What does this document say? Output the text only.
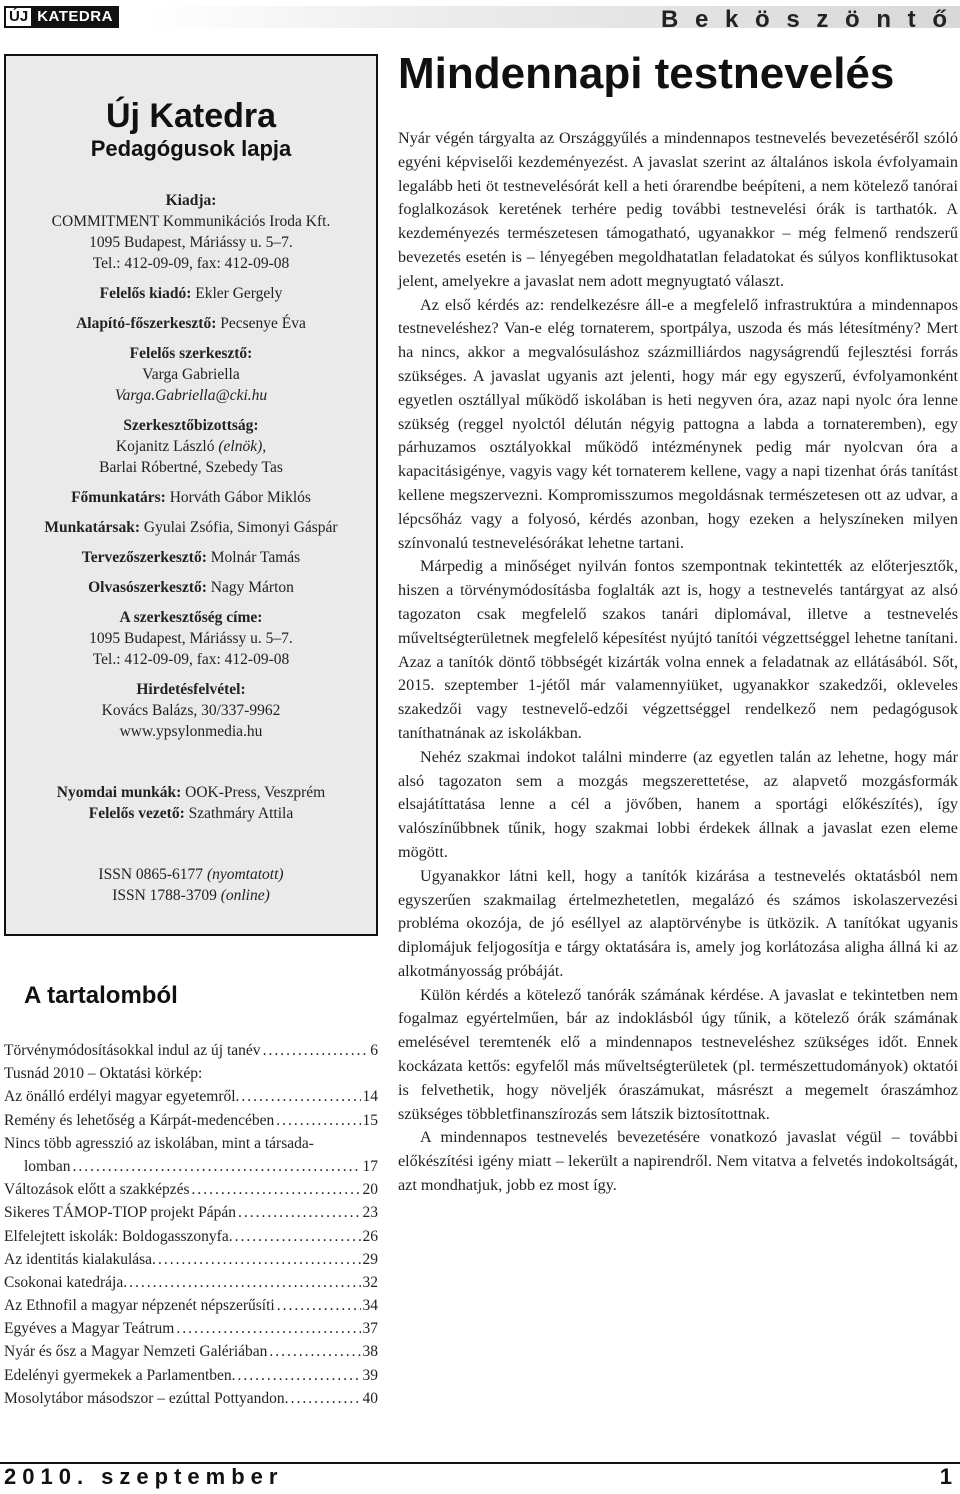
ÚJ KATEDRA	B e k ö s z ö n t ő
Új Katedra
Pedagógusok lapja
Kiadja:
COMMITMENT Kommunikációs Iroda Kft.
1095 Budapest, Máriássy u. 5–7.
Tel.: 412-09-09, fax: 412-09-08
Felelős kiadó: Ekler Gergely
Alapító-főszerkesztő: Pecsenye Éva
Felelős szerkesztő:
Varga Gabriella
Varga.Gabriella@cki.hu
Szerkesztőbizottság:
Kojanitz László (elnök),
Barlai Róbertné, Szebedy Tas
Főmunkatárs: Horváth Gábor Miklós
Munkatársak: Gyulai Zsófia, Simonyi Gáspár
Tervezőszerkesztő: Molnár Tamás
Olvasószerkesztő: Nagy Márton
A szerkesztőség címe:
1095 Budapest, Máriássy u. 5–7.
Tel.: 412-09-09, fax: 412-09-08
Hirdetésfelvétel:
Kovács Balázs, 30/337-9962
www.ypsylonmedia.hu
Nyomdai munkák: OOK-Press, Veszprém
Felelős vezető: Szathmáry Attila
ISSN 0865-6177 (nyomtatott)
ISSN 1788-3709 (online)
A tartalomból
Törvénymódosításokkal indul az új tanév .....	6
Tusnád 2010 – Oktatási körkép:
Az önálló erdélyi magyar egyetemről. .....	14
Remény és lehetőség a Kárpát-medencében .....	15
Nincs több agresszió az iskolában, mint a társada-
lomban .....	17
Változások előtt a szakképzés .....	20
Sikeres TÁMOP-TIOP projekt Pápán .....	23
Elfelejtett iskolák: Boldogasszonyfa. .....	26
Az identitás kialakulása. .....	29
Csokonai katedrája. .....	32
Az Ethnofil a magyar népzenét népszerűsíti .....	34
Egyéves a Magyar Teátrum .....	37
Nyár és ősz a Magyar Nemzeti Galériában .....	38
Edelényi gyermekek a Parlamentben. .....	39
Mosolytábor másodszor – ezúttal Pottyandon. .....	40
Mindennapi testnevelés

Nyár végén tárgyalta az Országgyűlés a mindennapos testnevelés bevezetéséről szóló egyéni képviselői kezdeményezést. A javaslat szerint az általános iskola évfolyamain legalább heti öt testnevelésórát kell a heti órarendbe beépíteni, a nem kötelező tanórai foglalkozások keretének terhére pedig további testnevelési órák is tarthatók. A kezdeményezés természetesen támogatható, ugyanakkor – még felmenő rendszerű bevezetés esetén is – lényegében megoldhatatlan feladatokat és súlyos konfliktusokat jelent, amelyekre a javaslat nem adott megnyugtató választ.

Az első kérdés az: rendelkezésre áll-e a megfelelő infrastruktúra a mindennapos testneveléshez? Van-e elég tornaterem, sportpálya, uszoda és más létesítmény? Mert ha nincs, akkor a megvalósuláshoz százmilliárdos nagyságrendű fejlesztési forrás szükséges. A javaslat ugyanis azt jelenti, hogy már egy egyszerű, évfolyamonként egyetlen osztállyal működő iskolában is heti negyven óra, azaz napi nyolc óra lenne szükség (reggel nyolctól délután négyig pattogna a labda a tornateremben), egy párhuzamos osztályokkal működő intézménynek pedig már nyolcvan óra a kapacitásigénye, vagyis vagy két tornaterem kellene, vagy a napi tizenhat órás tanítást kellene megszervezni. Kompromisszumos megoldásnak természetesen ott az udvar, a lépcsőház vagy a folyosó, kérdés azonban, hogy ezeken a helyszíneken milyen színvonalú testnevelésórákat lehetne tartani.

Márpedig a minőséget nyilván fontos szempontnak tekintették az előterjesztők, hiszen a törvénymódosításba foglalták azt is, hogy a testnevelés tantárgyat az alsó tagozaton csak megfelelő szakos tanári diplomával, illetve a testnevelés műveltségterületnek megfelelő képesítést nyújtó tanítói végzettséggel lehetne tanítani. Azaz a tanítók döntő többségét kizárták volna ennek a feladatnak az ellátásából. Sőt, 2015. szeptember 1-jétől már valamennyiüket, ugyanakkor szakedzői, okleveles szakedzői vagy testnevelő-edzői végzettséggel rendelkező nem pedagógusok taníthatnának az iskolákban.

Nehéz szakmai indokot találni minderre (az egyetlen talán az lehetne, hogy már alsó tagozaton sem a mozgás megszerettetése, az alapvető mozgásformák elsajátíttatása lenne a cél a jövőben, hanem a sportági előkészítés), így valószínűbbnek tűnik, hogy szakmai lobbi érdekek állnak a javaslat ezen eleme mögött.

Ugyanakkor látni kell, hogy a tanítók kizárása a testnevelés oktatásból nem egyszerűen szakmailag értelmezhetetlen, megalázó és számos iskolaszervezési probléma okozója, de jó eséllyel az alaptörvénybe is ütközik. A tanítókat ugyanis diplomájuk feljogosítja e tárgy oktatására is, amely jog korlátozása aligha állná ki az alkotmányosság próbáját.

Külön kérdés a kötelező tanórák számának kérdése. A javaslat e tekintetben nem fogalmaz egyértelműen, bár az indoklásból úgy tűnik, a kötelező órák számának emelésével teremtenék elő a mindennapos testneveléshez szükséges időt. Ennek kockázata kettős: egyfelől más műveltségterületek (pl. természettudományok) oktatói is felvethetik, hogy növeljék óraszámukat, másrészt a megemelt óraszámhoz szükséges többletfinanszírozás sem látszik biztosítottnak.

A mindennapos testnevelés bevezetésére vonatkozó javaslat végül – további előkészítési igény miatt – lekerült a napirendről. Nem vitatva a felvetés indokoltságát, azt mondhatjuk, jobb ez most így.

2010. szeptember	1
